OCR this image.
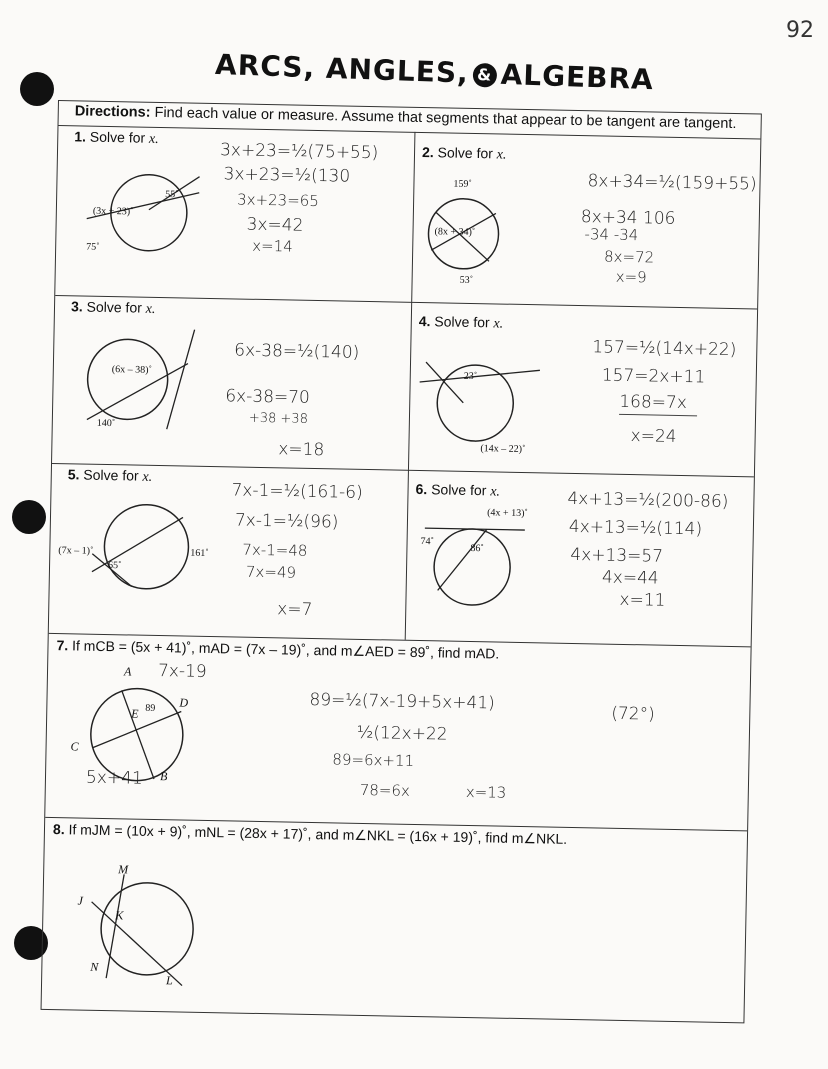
92
ARCS, ANGLES, & ALGEBRA
Directions: Find each value or measure. Assume that segments that appear to be tangent are tangent.
1. Solve for x.
(3x + 23)˚
55˚
75˚
3x+23=½(75+55)
3x+23=½(130
3x+23=65
3x=42
x=14
2. Solve for x.
159˚
(8x + 34)˚
53˚
8x+34=½(159+55)
8x+34 106
-34 -34
8x=72
x=9
3. Solve for x.
(6x – 38)˚
140˚
6x-38=½(140)
6x-38=70
+38 +38
x=18
4. Solve for x.
23˚
(14x – 22)˚
157=½(14x+22)
157=2x+11
168=7x
x=24
5. Solve for x.
(7x – 1)˚
65˚
161˚
7x-1=½(161-6)
7x-1=½(96)
7x-1=48
7x=49
x=7
6. Solve for x.
(4x + 13)˚
74˚
86˚
4x+13=½(200-86)
4x+13=½(114)
4x+13=57
4x=44
x=11
7. If mCB = (5x + 41)˚, mAD = (7x – 19)˚, and m∠AED = 89˚, find mAD.
A
D
E
C
B
89
7x-19
89=½(7x-19+5x+41)
½(12x+22
89=6x+11
78=6x	x=13
(72°)
5x+41
8. If mJM = (10x + 9)˚, mNL = (28x + 17)˚, and m∠NKL = (16x + 19)˚, find m∠NKL.
M
J
K
N
L
